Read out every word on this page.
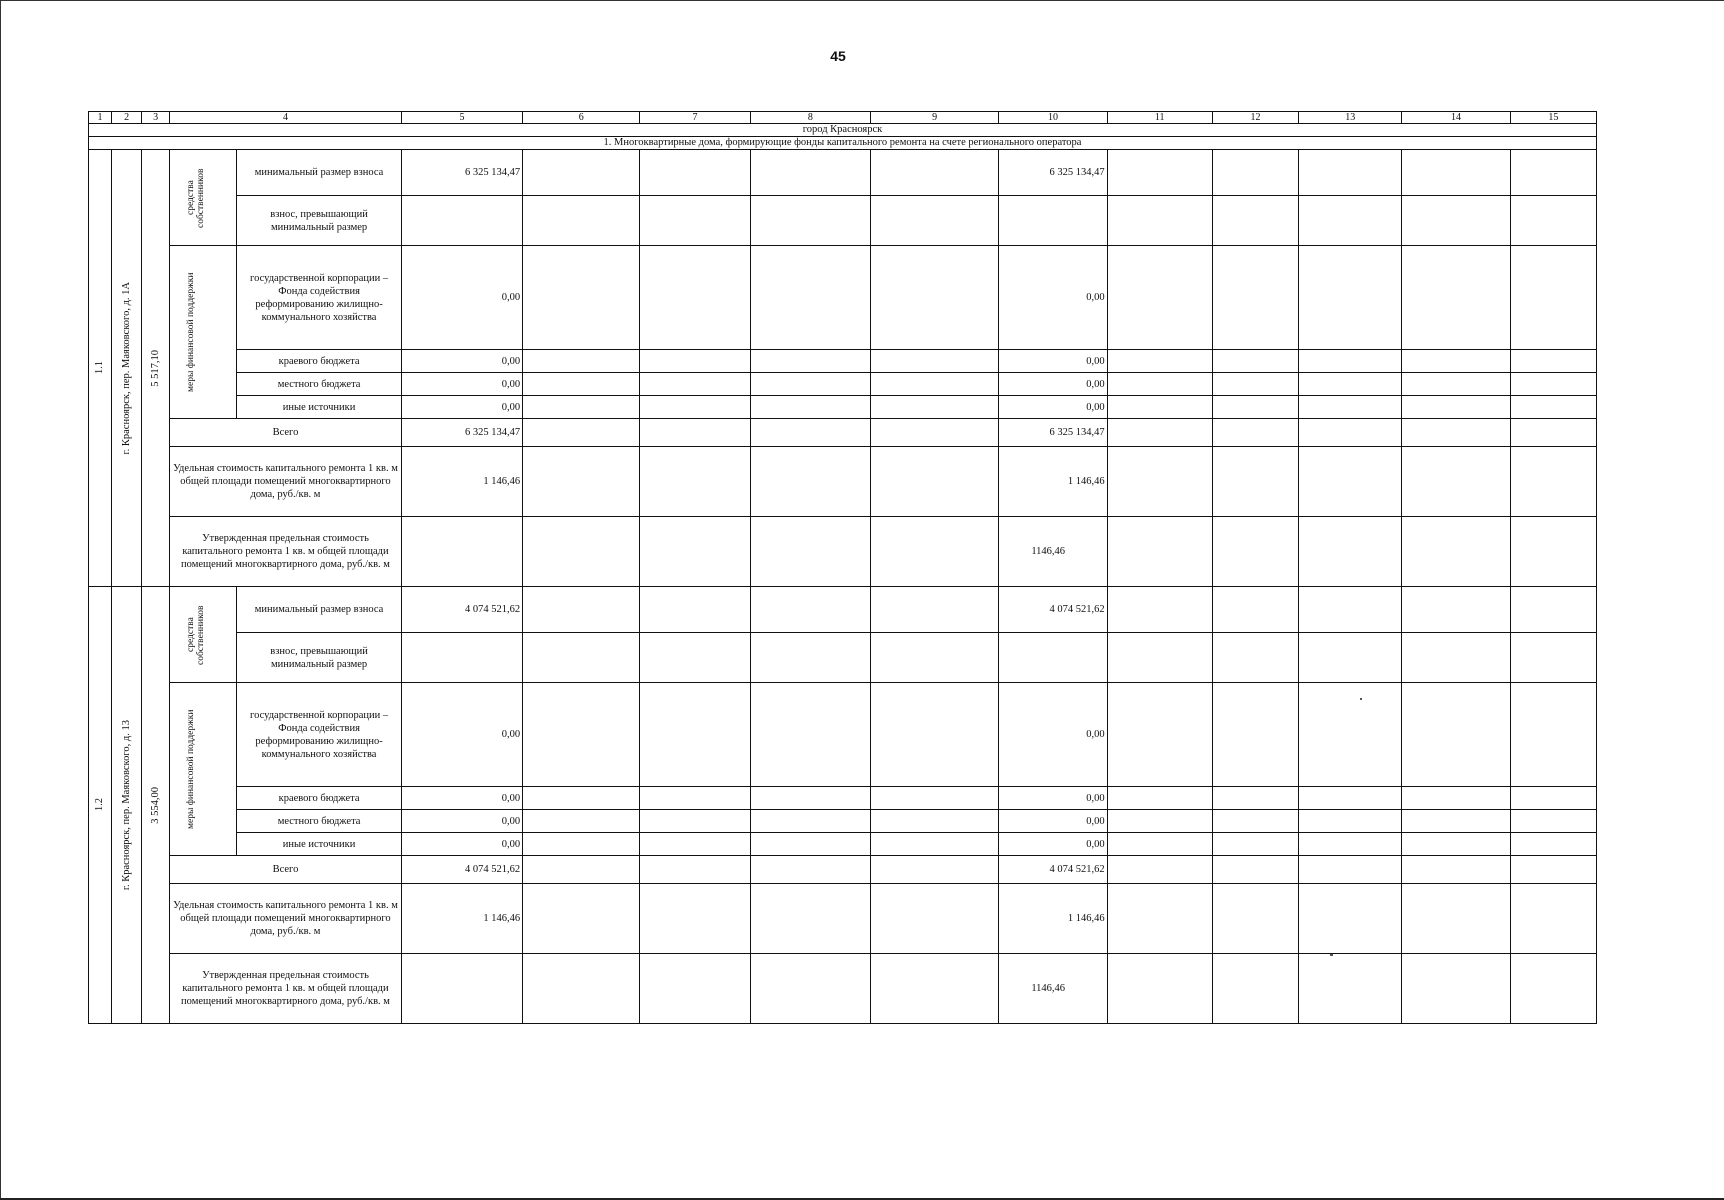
45
1	2	3	4		5	6	7	8	9	10	11	12	13	14	15
город Красноярск															
1. Многоквартирные дома, формирующие фонды капитального ремонта на счете регионального оператора															

1.1	г. Красноярск, пер. Маяковского, д. 1А	5 517,10	средства собственников	минимальный размер взноса	6 325 134,47					6 325 134,47					
				взнос, превышающий минимальный размер											

			меры финансовой поддержки	государственной корпорации – Фонда содействия реформированию жилищно-коммунального хозяйства	0,00					0,00					
				краевого бюджета	0,00					0,00					
				местного бюджета	0,00					0,00					
				иные источники	0,00					0,00					
			Всего		6 325 134,47					6 325 134,47					
			Удельная стоимость капитального ремонта 1 кв. м общей площади помещений многоквартирного дома, руб./кв. м		1 146,46					1 146,46					
			Утвержденная предельная стоимость капитального ремонта 1 кв. м общей площади помещений многоквартирного дома, руб./кв. м							1146,46					

1.2	г. Красноярск, пер. Маяковского, д. 13	3 554,00	средства собственников	минимальный размер взноса	4 074 521,62					4 074 521,62					
				взнос, превышающий минимальный размер											

			меры финансовой поддержки	государственной корпорации – Фонда содействия реформированию жилищно-коммунального хозяйства	0,00					0,00					
				краевого бюджета	0,00					0,00					
				местного бюджета	0,00					0,00					
				иные источники	0,00					0,00					
			Всего		4 074 521,62					4 074 521,62					
			Удельная стоимость капитального ремонта 1 кв. м общей площади помещений многоквартирного дома, руб./кв. м		1 146,46					1 146,46					
			Утвержденная предельная стоимость капитального ремонта 1 кв. м общей площади помещений многоквартирного дома, руб./кв. м							1146,46					
